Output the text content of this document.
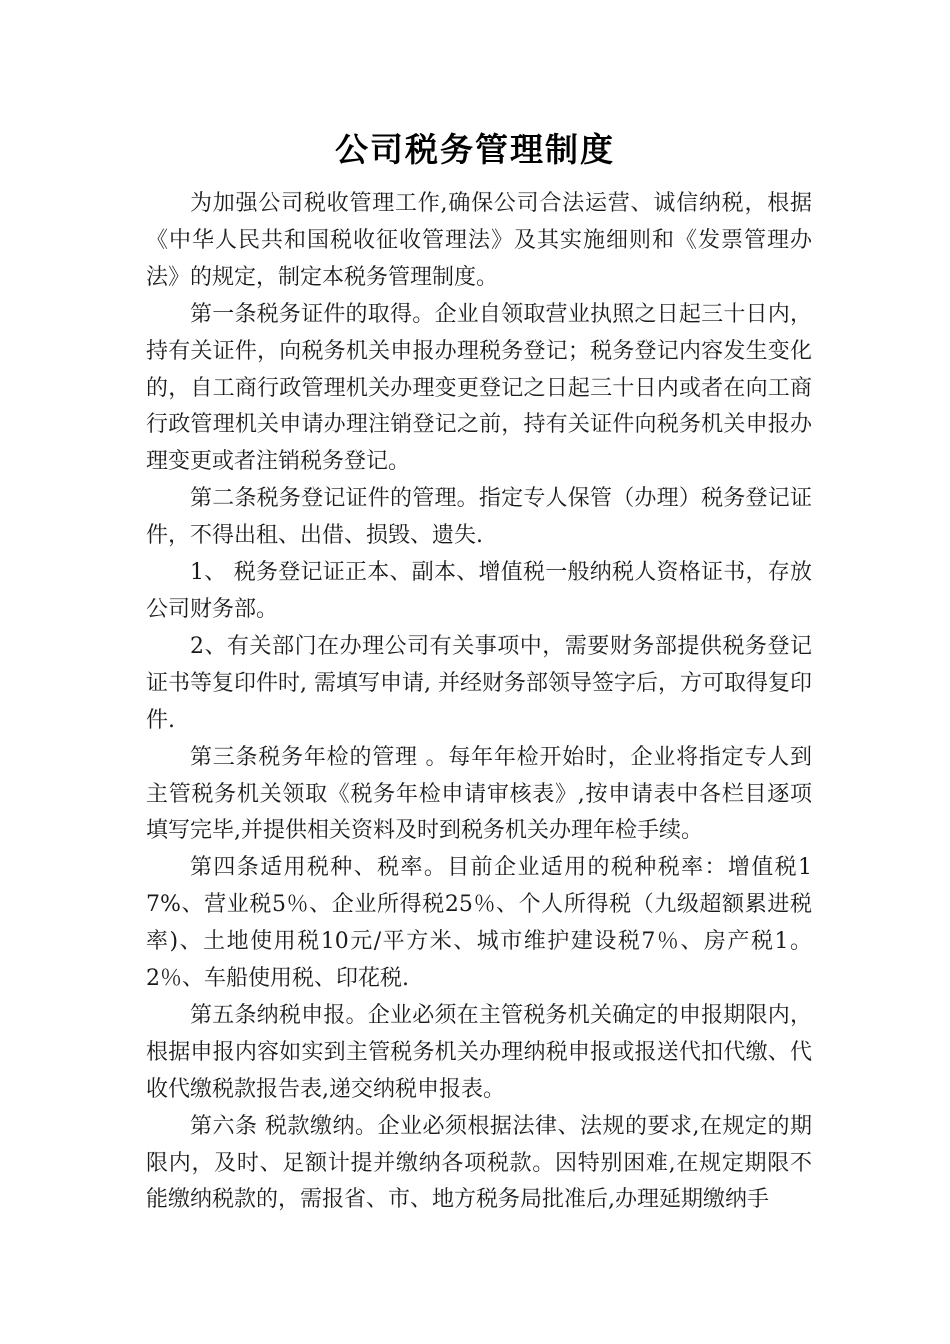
公司税务管理制度

为加强公司税收管理工作,确保公司合法运营、诚信纳税，根据《中华人民共和国税收征收管理法》及其实施细则和《发票管理办法》的规定，制定本税务管理制度。

第一条税务证件的取得。企业自领取营业执照之日起三十日内，持有关证件，向税务机关申报办理税务登记；税务登记内容发生变化的，自工商行政管理机关办理变更登记之日起三十日内或者在向工商行政管理机关申请办理注销登记之前，持有关证件向税务机关申报办理变更或者注销税务登记。

第二条税务登记证件的管理。指定专人保管（办理）税务登记证件，不得出租、出借、损毁、遗失.

1、 税务登记证正本、副本、增值税一般纳税人资格证书，存放公司财务部。

2、有关部门在办理公司有关事项中，需要财务部提供税务登记证书等复印件时, 需填写申请, 并经财务部领导签字后，方可取得复印件.

第三条税务年检的管理 。每年年检开始时，企业将指定专人到主管税务机关领取《税务年检申请审核表》,按申请表中各栏目逐项填写完毕,并提供相关资料及时到税务机关办理年检手续。

第四条适用税种、税率。目前企业适用的税种税率：增值税17%、营业税5％、企业所得税25％、个人所得税（九级超额累进税率)、土地使用税10元/平方米、城市维护建设税7％、房产税1。2％、车船使用税、印花税.

第五条纳税申报。企业必须在主管税务机关确定的申报期限内，根据申报内容如实到主管税务机关办理纳税申报或报送代扣代缴、代收代缴税款报告表,递交纳税申报表。

第六条 税款缴纳。企业必须根据法律、法规的要求,在规定的期限内，及时、足额计提并缴纳各项税款。因特别困难,在规定期限不能缴纳税款的，需报省、市、地方税务局批准后,办理延期缴纳手
